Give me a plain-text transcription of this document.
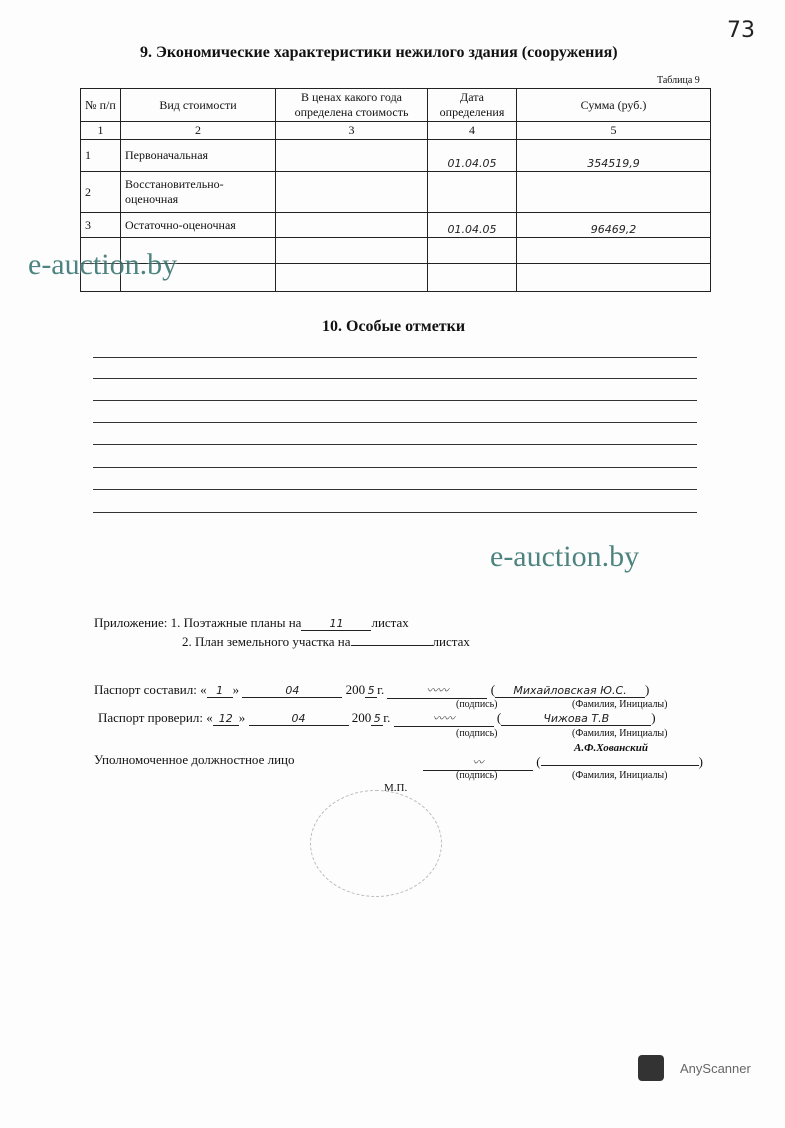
73
9. Экономические характеристики нежилого здания (сооружения)
Таблица 9
№ п/п	Вид стоимости	В ценах какого года определена стоимость	Дата определения	Сумма (руб.)
1	2	3	4	5
1	Первоначальная		01.04.05	354519,9
2	Восстановительно-оценочная			
3	Остаточно-оценочная		01.04.05	96469,2

e-auction.by
10. Особые отметки
e-auction.by
Приложение: 1. Поэтажные планы на	11 листах
2. План земельного участка на	листах
Паспорт составил: « 1 »	04	200 5 г.	〰〰	( Михайловская Ю.С. )
(подпись)	(Фамилия, Инициалы)
Паспорт проверил: « 12 »	04	200 5 г.	〰〰	(	Чижова Т.В	)
(подпись)	(Фамилия, Инициалы)
А.Ф.Хованский
Уполномоченное должностное лицо	〰	(	)
(подпись)	(Фамилия, Инициалы)
М.П.
AnyScanner
